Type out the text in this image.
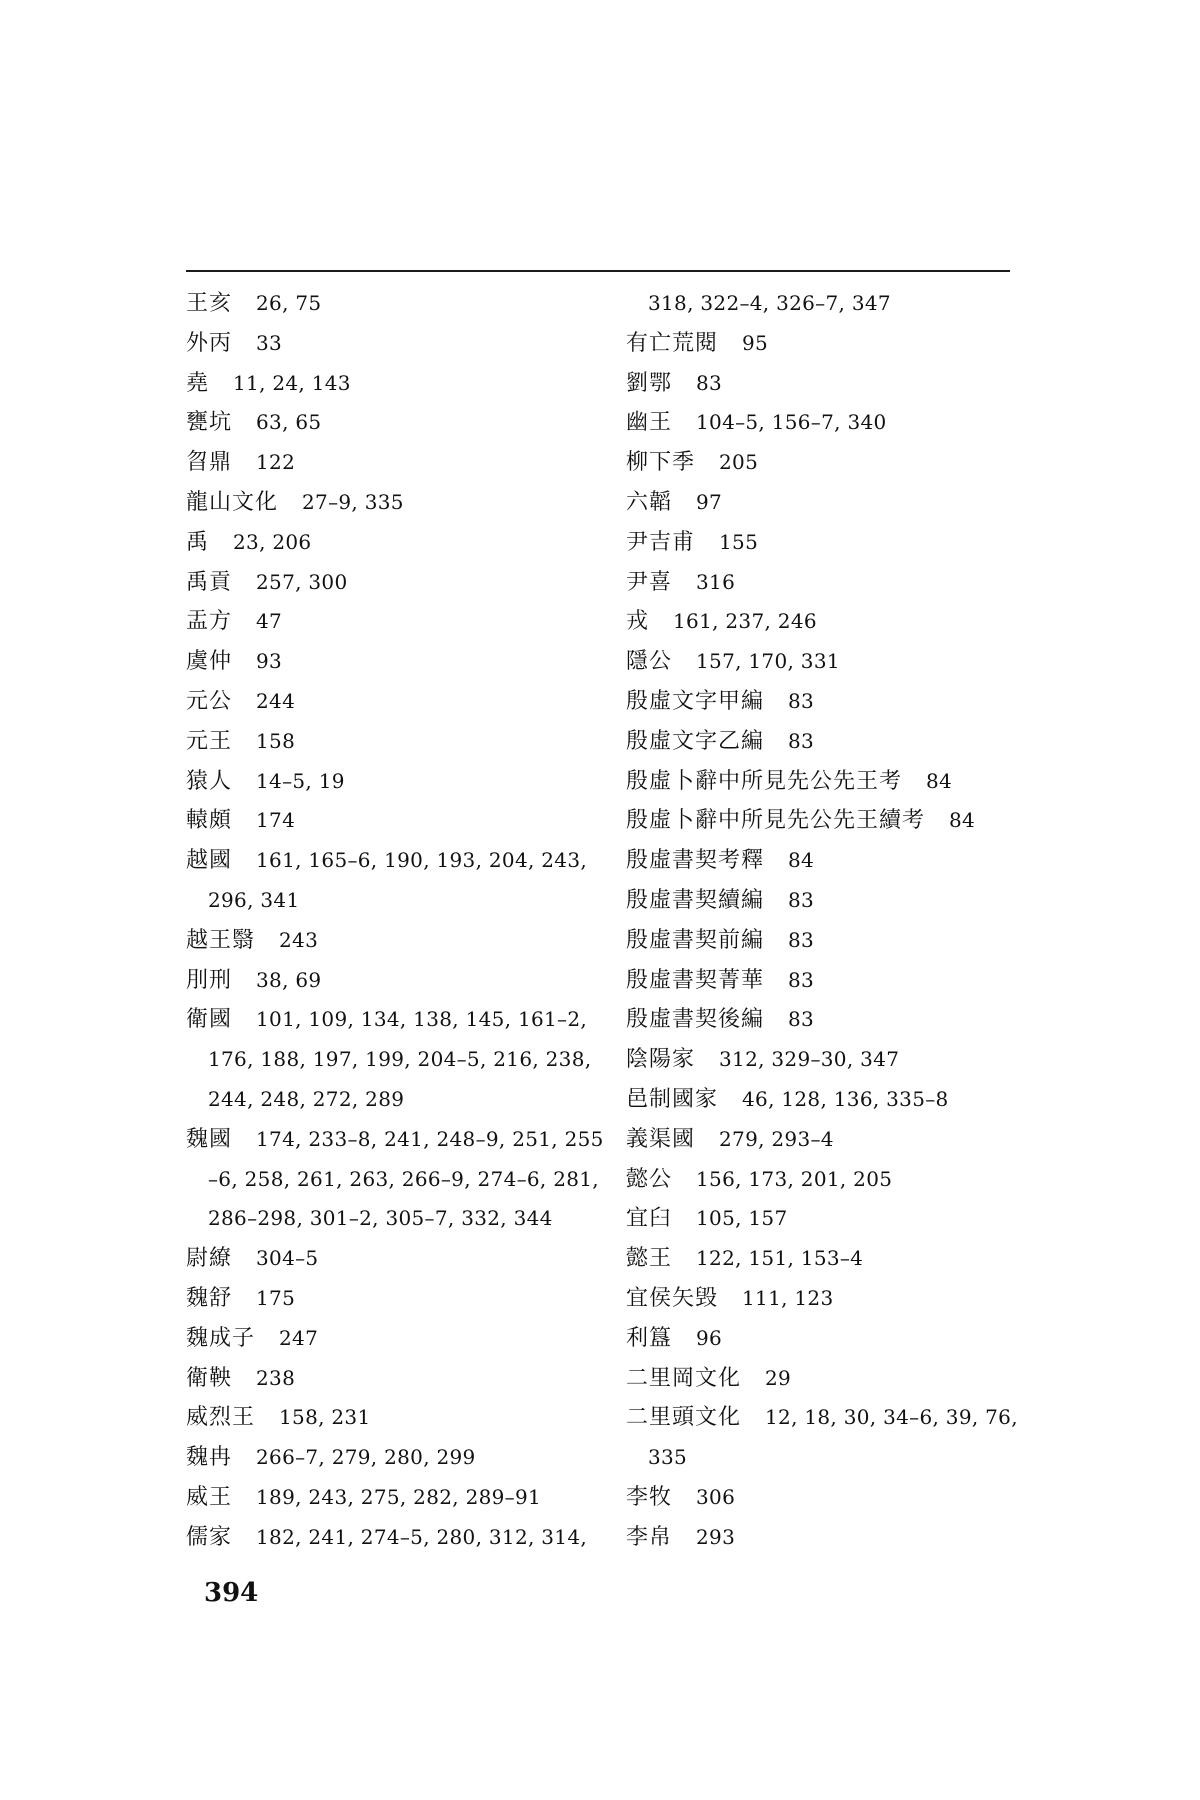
王亥 26, 75
外丙 33
堯 11, 24, 143
甕坑 63, 65
㫚鼎 122
龍山文化 27–9, 335
禹 23, 206
禹貢 257, 300
盂方 47
虞仲 93
元公 244
元王 158
猿人 14–5, 19
轅頗 174
越國 161, 165–6, 190, 193, 204, 243,
296, 341
越王翳 243
刖刑 38, 69
衛國 101, 109, 134, 138, 145, 161–2,
176, 188, 197, 199, 204–5, 216, 238,
244, 248, 272, 289
魏國 174, 233–8, 241, 248–9, 251, 255
–6, 258, 261, 263, 266–9, 274–6, 281,
286–298, 301–2, 305–7, 332, 344
尉繚 304–5
魏舒 175
魏成子 247
衛鞅 238
威烈王 158, 231
魏冉 266–7, 279, 280, 299
威王 189, 243, 275, 282, 289–91
儒家 182, 241, 274–5, 280, 312, 314,
318, 322–4, 326–7, 347
有亡荒閱 95
劉鄂 83
幽王 104–5, 156–7, 340
柳下季 205
六韜 97
尹吉甫 155
尹喜 316
戎 161, 237, 246
隱公 157, 170, 331
殷虛文字甲編 83
殷虛文字乙編 83
殷虛卜辭中所見先公先王考 84
殷虛卜辭中所見先公先王續考 84
殷虛書契考釋 84
殷虛書契續編 83
殷虛書契前編 83
殷虛書契菁華 83
殷虛書契後編 83
陰陽家 312, 329–30, 347
邑制國家 46, 128, 136, 335–8
義渠國 279, 293–4
懿公 156, 173, 201, 205
宜臼 105, 157
懿王 122, 151, 153–4
宜侯矢毁 111, 123
利簋 96
二里岡文化 29
二里頭文化 12, 18, 30, 34–6, 39, 76,
335
李牧 306
李帛 293
394
